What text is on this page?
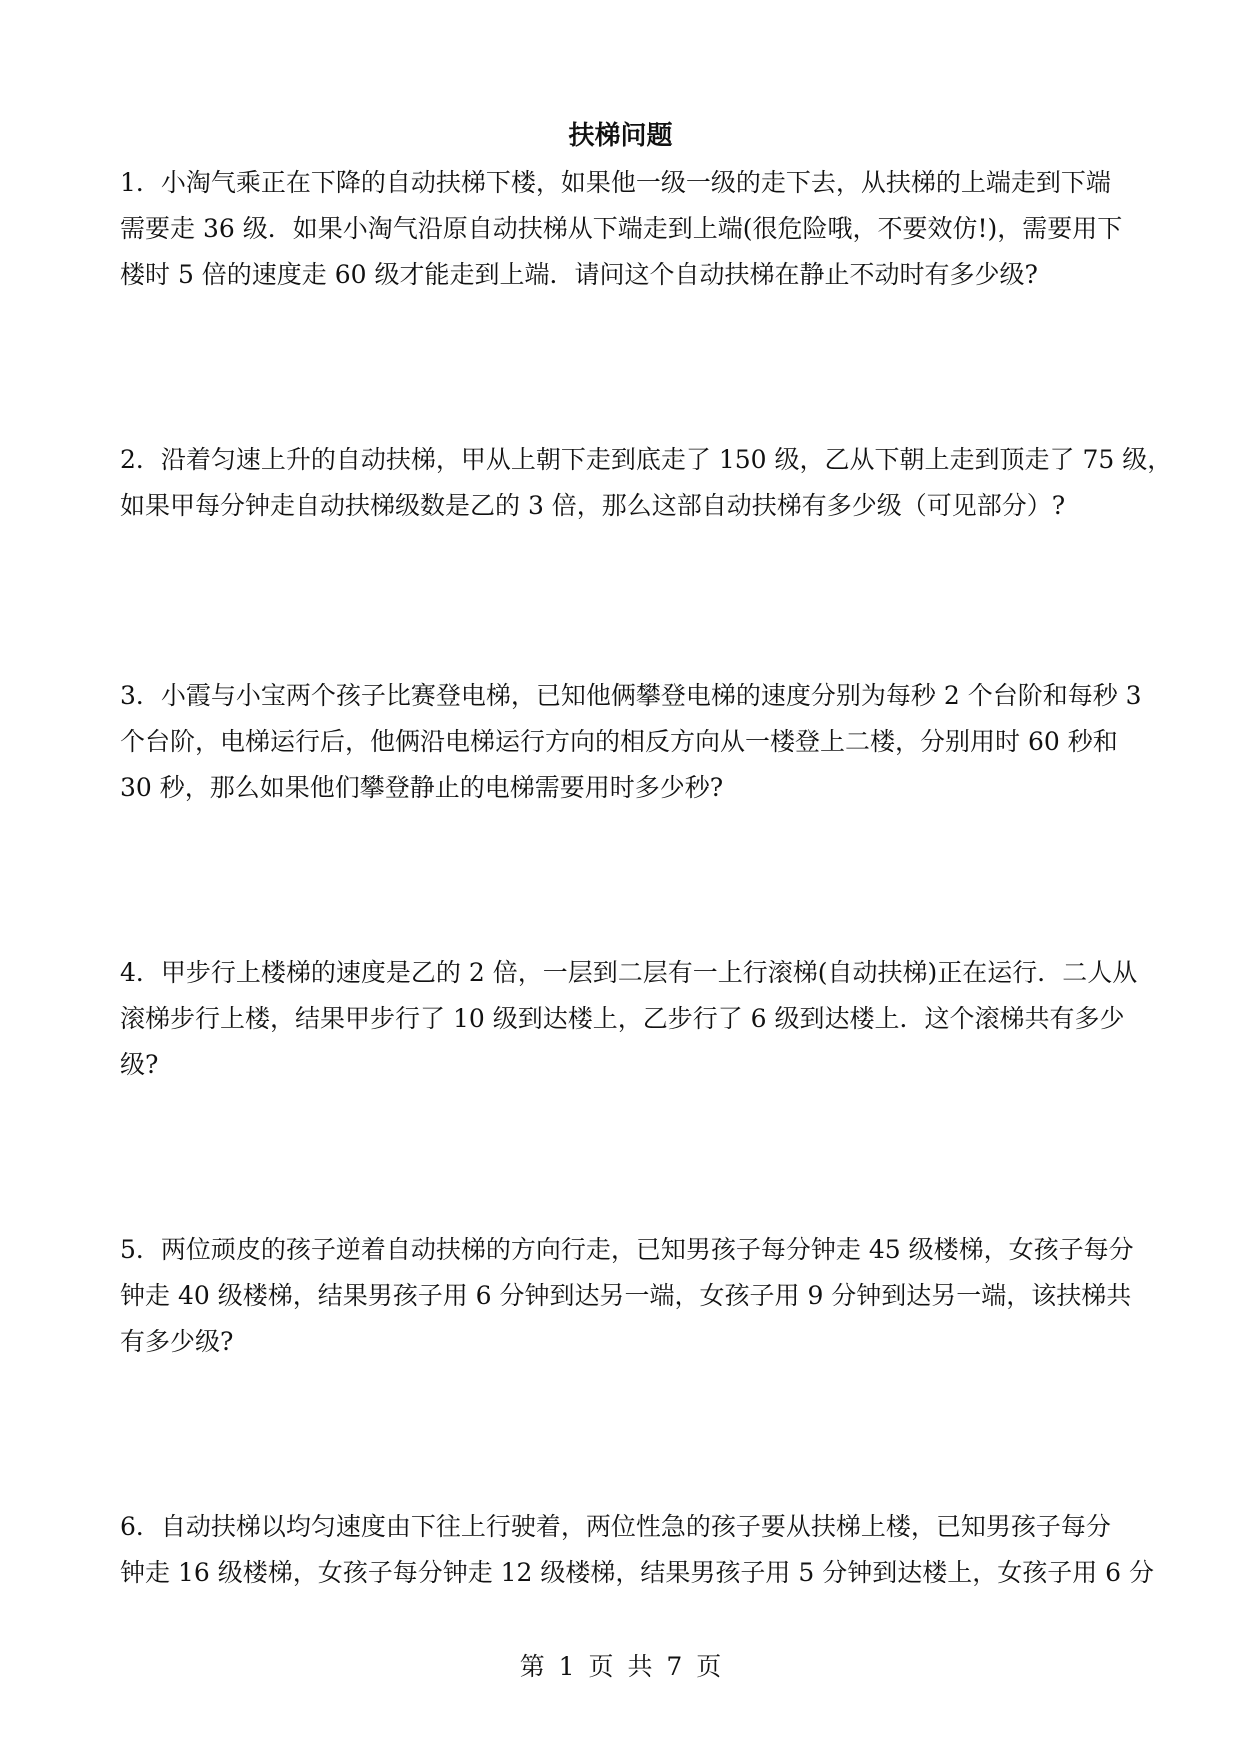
扶梯问题

1．小淘气乘正在下降的自动扶梯下楼，如果他一级一级的走下去，从扶梯的上端走到下端
需要走 36 级．如果小淘气沿原自动扶梯从下端走到上端(很危险哦，不要效仿!)，需要用下
楼时 5 倍的速度走 60 级才能走到上端．请问这个自动扶梯在静止不动时有多少级?

2．沿着匀速上升的自动扶梯，甲从上朝下走到底走了 150 级，乙从下朝上走到顶走了 75 级，
如果甲每分钟走自动扶梯级数是乙的 3 倍，那么这部自动扶梯有多少级（可见部分）?

3．小霞与小宝两个孩子比赛登电梯，已知他俩攀登电梯的速度分别为每秒 2 个台阶和每秒 3
个台阶，电梯运行后，他俩沿电梯运行方向的相反方向从一楼登上二楼，分别用时 60 秒和
30 秒，那么如果他们攀登静止的电梯需要用时多少秒?

4．甲步行上楼梯的速度是乙的 2 倍，一层到二层有一上行滚梯(自动扶梯)正在运行．二人从
滚梯步行上楼，结果甲步行了 10 级到达楼上，乙步行了 6 级到达楼上．这个滚梯共有多少
级?

5．两位顽皮的孩子逆着自动扶梯的方向行走，已知男孩子每分钟走 45 级楼梯，女孩子每分
钟走 40 级楼梯，结果男孩子用 6 分钟到达另一端，女孩子用 9 分钟到达另一端，该扶梯共
有多少级?

6．自动扶梯以均匀速度由下往上行驶着，两位性急的孩子要从扶梯上楼，已知男孩子每分
钟走 16 级楼梯，女孩子每分钟走 12 级楼梯，结果男孩子用 5 分钟到达楼上，女孩子用 6 分

第 1 页 共 7 页
